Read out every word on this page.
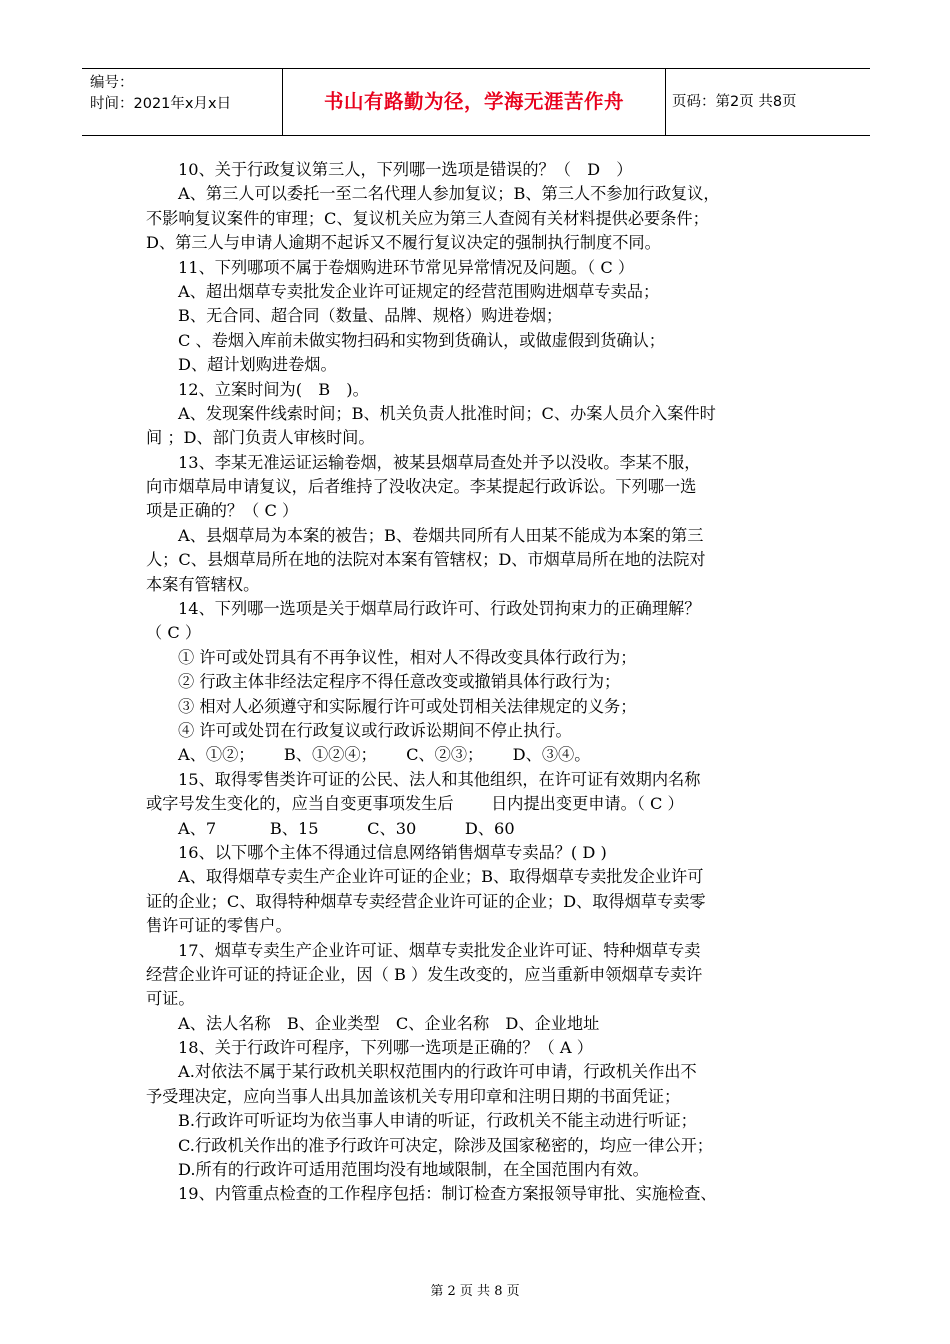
编号：
时间：2021年x月x日	书山有路勤为径，学海无涯苦作舟	页码：第2页 共8页
10、关于行政复议第三人，下列哪一选项是错误的？（　D　）
A、第三人可以委托一至二名代理人参加复议；B、第三人不参加行政复议，
不影响复议案件的审理；C、复议机关应为第三人查阅有关材料提供必要条件；
D、第三人与申请人逾期不起诉又不履行复议决定的强制执行制度不同。
11、下列哪项不属于卷烟购进环节常见异常情况及问题。（ C ）
A、超出烟草专卖批发企业许可证规定的经营范围购进烟草专卖品；
B、无合同、超合同（数量、品牌、规格）购进卷烟；
C 、卷烟入库前未做实物扫码和实物到货确认，或做虚假到货确认；
D、超计划购进卷烟。
12、立案时间为(　B　)。
A、发现案件线索时间；B、机关负责人批准时间；C、办案人员介入案件时
间 ；D、部门负责人审核时间。
13、李某无准运证运输卷烟，被某县烟草局查处并予以没收。李某不服，
向市烟草局申请复议，后者维持了没收决定。李某提起行政诉讼。下列哪一选
项是正确的？（ C ）
A、县烟草局为本案的被告；B、卷烟共同所有人田某不能成为本案的第三
人；C、县烟草局所在地的法院对本案有管辖权；D、市烟草局所在地的法院对
本案有管辖权。
14、下列哪一选项是关于烟草局行政许可、行政处罚拘束力的正确理解？
（ C ）
① 许可或处罚具有不再争议性，相对人不得改变具体行政行为；
② 行政主体非经法定程序不得任意改变或撤销具体行政行为；
③ 相对人必须遵守和实际履行许可或处罚相关法律规定的义务；
④ 许可或处罚在行政复议或行政诉讼期间不停止执行。
A、①②；　　 B、①②④；　　 C、②③；　　 D、③④。
15、取得零售类许可证的公民、法人和其他组织，在许可证有效期内名称
或字号发生变化的，应当自变更事项发生后　　 日内提出变更申请。（ C ）
A、7　　　 B、15　　　C、30　　　D、60
16、以下哪个主体不得通过信息网络销售烟草专卖品？( D )
A、取得烟草专卖生产企业许可证的企业；B、取得烟草专卖批发企业许可
证的企业；C、取得特种烟草专卖经营企业许可证的企业；D、取得烟草专卖零
售许可证的零售户。
17、烟草专卖生产企业许可证、烟草专卖批发企业许可证、特种烟草专卖
经营企业许可证的持证企业，因（ B ）发生改变的，应当重新申领烟草专卖许
可证。
A、法人名称　B、企业类型　C、企业名称　D、企业地址
18、关于行政许可程序，下列哪一选项是正确的？（ A ）
A.对依法不属于某行政机关职权范围内的行政许可申请，行政机关作出不
予受理决定，应向当事人出具加盖该机关专用印章和注明日期的书面凭证；
B.行政许可听证均为依当事人申请的听证，行政机关不能主动进行听证；
C.行政机关作出的准予行政许可决定，除涉及国家秘密的，均应一律公开；
D.所有的行政许可适用范围均没有地域限制，在全国范围内有效。
19、内管重点检查的工作程序包括：制订检查方案报领导审批、实施检查、
第 2 页 共 8 页
